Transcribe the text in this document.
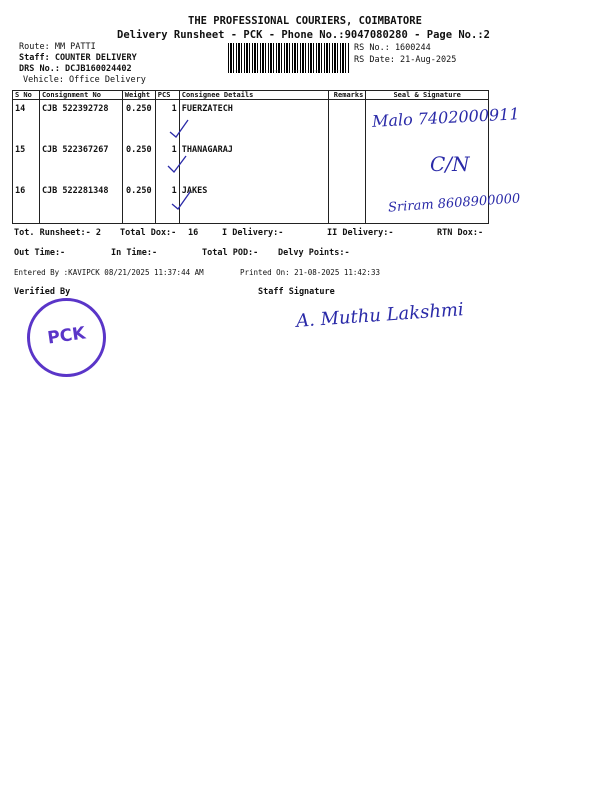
THE PROFESSIONAL COURIERS, COIMBATORE
Delivery Runsheet - PCK - Phone No.:9047080280 - Page No.:2
Route: MM PATTI
Staff: COUNTER DELIVERY
DRS No.: DCJB160024402
Vehicle: Office Delivery
RS No.: 1600244
RS Date: 21-Aug-2025
S No	Consignment No	Weight	PCS	Consignee Details	Remarks	Seal & Signature
14	CJB 522392728	0.250	1	FUERZATECH		
15	CJB 522367267	0.250	1	THANAGARAJ		
16	CJB 522281348	0.250	1	JAKES		
Malo 7402000911
C/N
Sriram 8608900000
Tot. Runsheet:- 2 Total Dox:- 16	I Delivery:-	II Delivery:-	RTN Dox:-
Out Time:-	In Time:-	Total POD:- Delvy Points:-
Entered By :KAVIPCK 08/21/2025 11:37:44 AM	Printed On: 21-08-2025 11:42:33
Verified By	Staff Signature
A. Muthu Lakshmi
PCK
